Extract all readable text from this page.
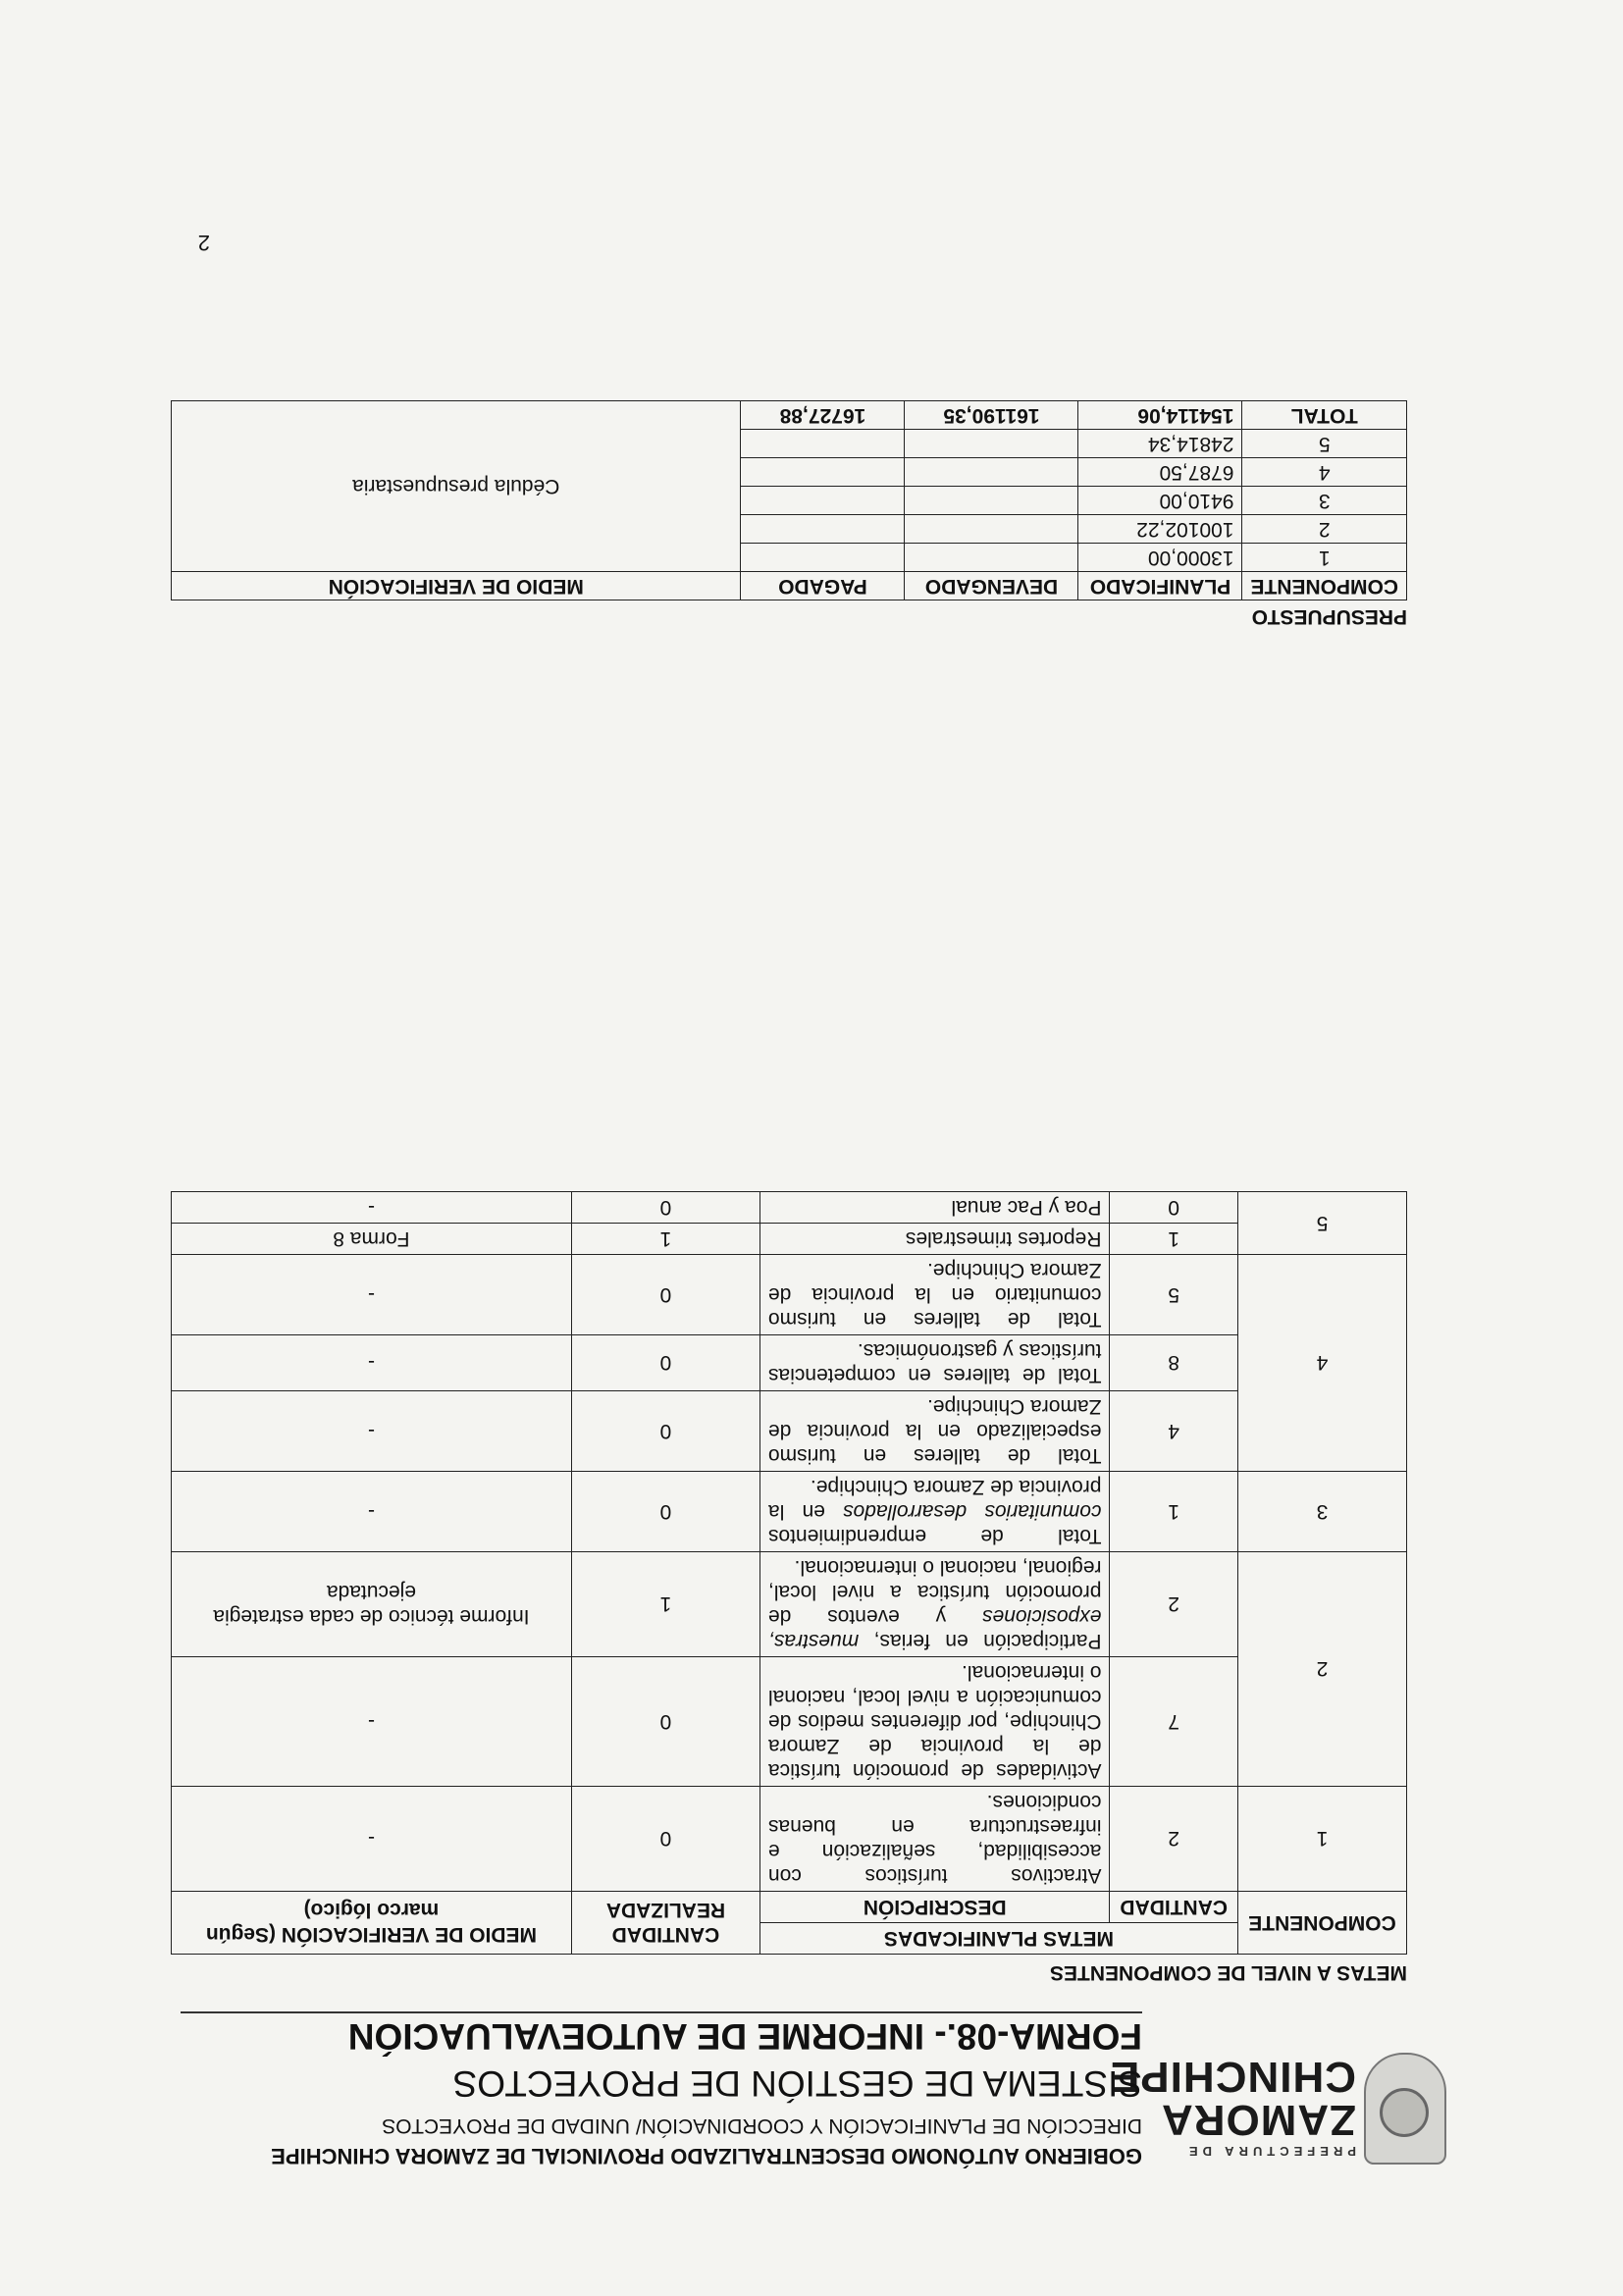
PREFECTURA DE
ZAMORA
CHINCHIPE
GOBIERNO AUTÓNOMO DESCENTRALIZADO PROVINCIAL DE ZAMORA CHINCHIPE
DIRECCIÓN DE PLANIFICACIÓN Y COORDINACIÓN/ UNIDAD DE PROYECTOS
SISTEMA DE GESTIÓN DE PROYECTOS
FORMA-08.- INFORME DE AUTOEVALUACIÓN
METAS A NIVEL DE COMPONENTES
COMPONENTE	METAS PLANIFICADAS		CANTIDAD REALIZADA	MEDIO DE VERIFICACIÓN (Según marco lógico)
	CANTIDAD	DESCRIPCIÓN		
1	2	Atractivos turísticos con accesibilidad, señalización e infraestructura en buenas condiciones.	0	-
2	7	Actividades de promoción turística de la provincia de Zamora Chinchipe, por diferentes medios de comunicación a nivel local, nacional o internacional.	0	-
	2	Participación en ferias, muestras, exposiciones y eventos de promoción turística a nivel local, regional, nacional o internacional.	1	Informe técnico de cada estrategia ejecutada
3	1	Total de emprendimientos comunitarios desarrollados en la provincia de Zamora Chinchipe.	0	-
4	4	Total de talleres en turismo especializado en la provincia de Zamora Chinchipe.	0	-
	8	Total de talleres en competencias turísticas y gastronómicas.	0	-
	5	Total de talleres en turismo comunitario en la provincia de Zamora Chinchipe.	0	-
5	1	Reportes trimestrales	1	Forma 8
	0	Poa y Pac anual	0	-
PRESUPUESTO
COMPONENTE	PLANIFICADO	DEVENGADO	PAGADO	MEDIO DE VERIFICACIÓN
1	13000,00			Cédula presupuestaria
2	100102,22			
3	9410,00			
4	6787,50			
5	24814,34			
TOTAL	154114,06	161190,35	16727,88	
2
